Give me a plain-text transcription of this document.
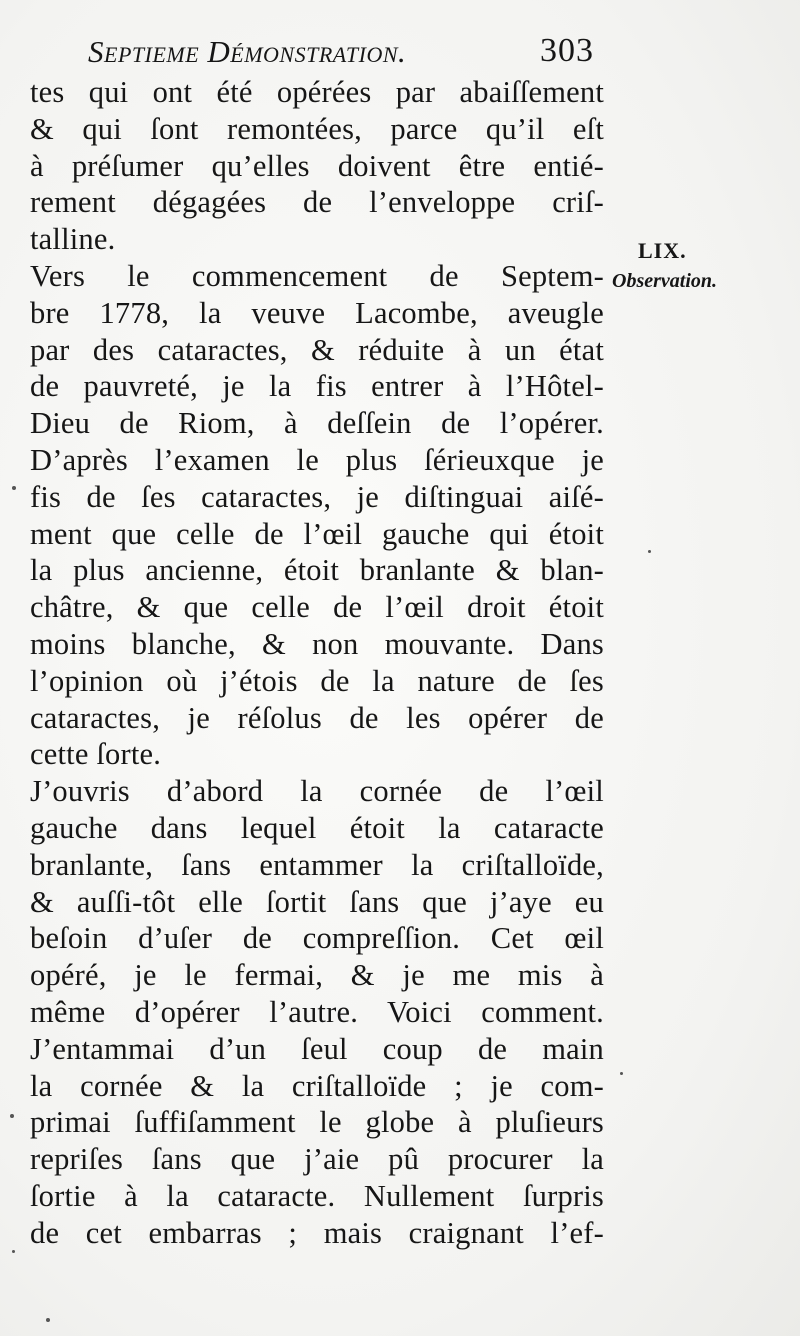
Septieme Démonstration.	303
tes qui ont été opérées par abaiſſement
& qui ſont remontées, parce qu’il eſt
à préſumer qu’elles doivent être entié-
rement dégagées de l’enveloppe criſ-
talline.
Vers le commencement de Septem-
bre 1778, la veuve Lacombe, aveugle
par des cataractes, & réduite à un état
de pauvreté, je la fis entrer à l’Hôtel-
Dieu de Riom, à deſſein de l’opérer.
D’après l’examen le plus ſérieuxque je
fis de ſes cataractes, je diſtinguai aiſé-
ment que celle de l’œil gauche qui étoit
la plus ancienne, étoit branlante & blan-
châtre, & que celle de l’œil droit étoit
moins blanche, & non mouvante. Dans
l’opinion où j’étois de la nature de ſes
cataractes, je réſolus de les opérer de
cette ſorte.
J’ouvris d’abord la cornée de l’œil
gauche dans lequel étoit la cataracte
branlante, ſans entammer la criſtalloïde,
& auſſi-tôt elle ſortit ſans que j’aye eu
beſoin d’uſer de compreſſion. Cet œil
opéré, je le fermai, & je me mis à
même d’opérer l’autre. Voici comment.
J’entammai d’un ſeul coup de main
la cornée & la criſtalloïde ; je com-
primai ſuffiſamment le globe à pluſieurs
repriſes ſans que j’aie pû procurer la
ſortie à la cataracte. Nullement ſurpris
de cet embarras ; mais craignant l’ef-
LIX.
Observation.
